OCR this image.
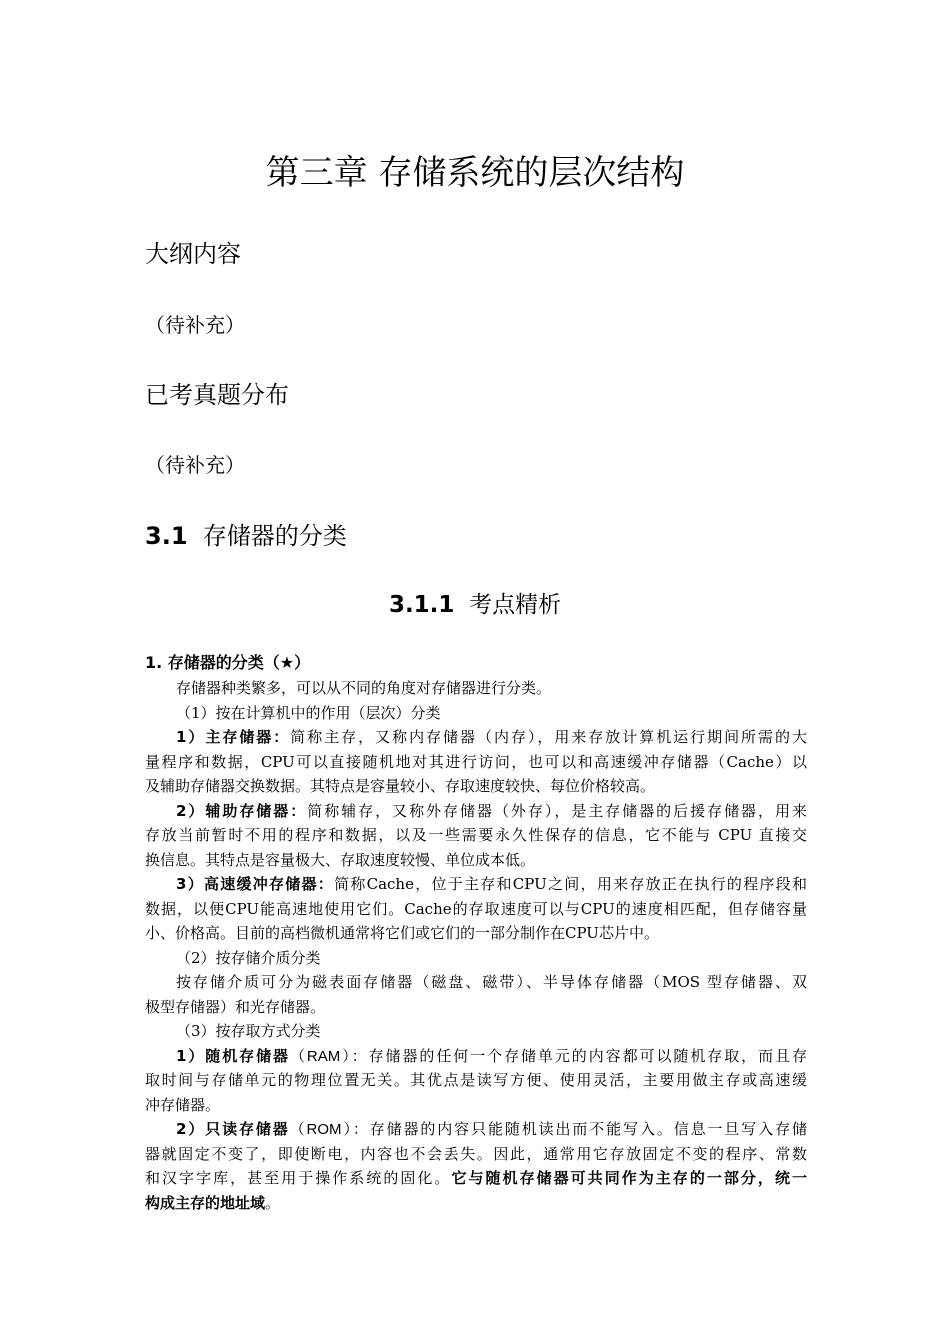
第三章 存储系统的层次结构
大纲内容
（待补充）
已考真题分布
（待补充）
3.1 存储器的分类
3.1.1 考点精析
1. 存储器的分类（★）
存储器种类繁多，可以从不同的角度对存储器进行分类。
（1）按在计算机中的作用（层次）分类
1）主存储器：简称主存，又称内存储器（内存），用来存放计算机运行期间所需的大
量程序和数据，CPU可以直接随机地对其进行访问，也可以和高速缓冲存储器（Cache）以
及辅助存储器交换数据。其特点是容量较小、存取速度较快、每位价格较高。
2）辅助存储器：简称辅存，又称外存储器（外存），是主存储器的后援存储器，用来
存放当前暂时不用的程序和数据，以及一些需要永久性保存的信息，它不能与 CPU 直接交
换信息。其特点是容量极大、存取速度较慢、单位成本低。
3）高速缓冲存储器：简称Cache，位于主存和CPU之间，用来存放正在执行的程序段和
数据，以便CPU能高速地使用它们。Cache的存取速度可以与CPU的速度相匹配，但存储容量
小、价格高。目前的高档微机通常将它们或它们的一部分制作在CPU芯片中。
（2）按存储介质分类
按存储介质可分为磁表面存储器（磁盘、磁带）、半导体存储器（MOS 型存储器、双
极型存储器）和光存储器。
（3）按存取方式分类
1）随机存储器（RAM）：存储器的任何一个存储单元的内容都可以随机存取，而且存
取时间与存储单元的物理位置无关。其优点是读写方便、使用灵活，主要用做主存或高速缓
冲存储器。
2）只读存储器（ROM）：存储器的内容只能随机读出而不能写入。信息一旦写入存储
器就固定不变了，即使断电，内容也不会丢失。因此，通常用它存放固定不变的程序、常数
和汉字字库，甚至用于操作系统的固化。它与随机存储器可共同作为主存的一部分，统一
构成主存的地址域。
